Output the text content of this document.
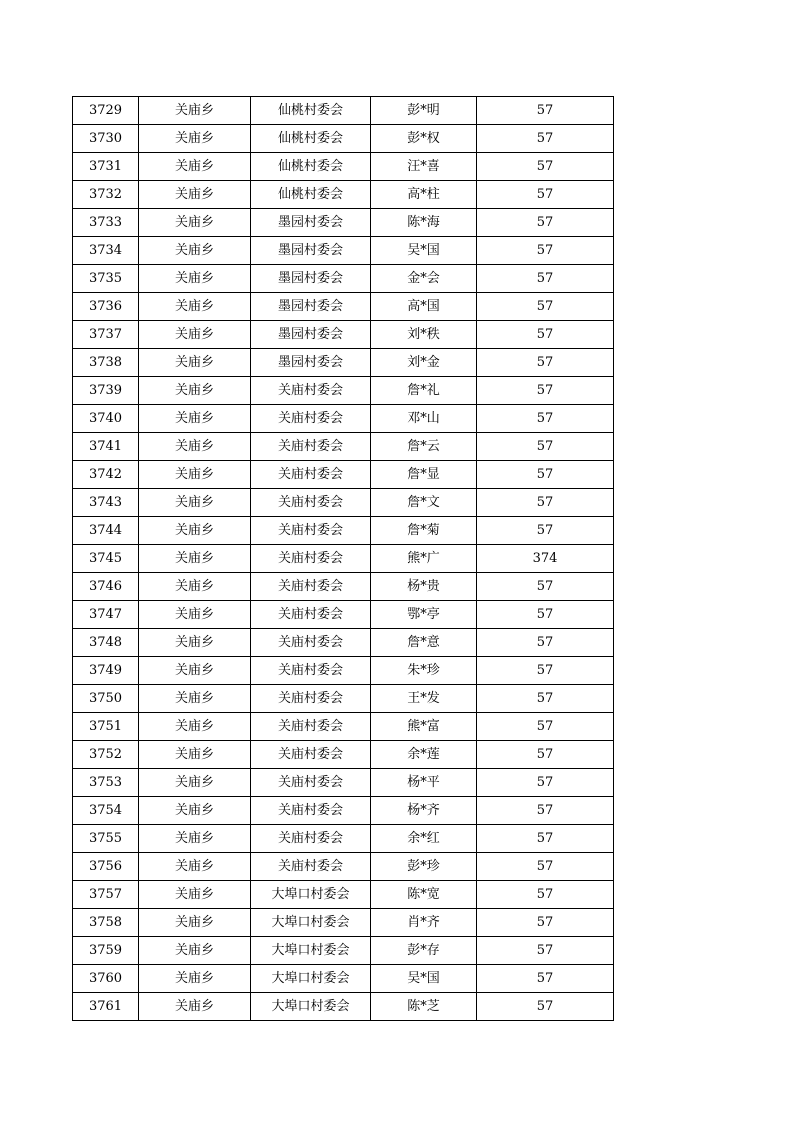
3729	关庙乡	仙桃村委会	彭*明	57
3730	关庙乡	仙桃村委会	彭*权	57
3731	关庙乡	仙桃村委会	汪*喜	57
3732	关庙乡	仙桃村委会	高*柱	57
3733	关庙乡	墨园村委会	陈*海	57
3734	关庙乡	墨园村委会	吴*国	57
3735	关庙乡	墨园村委会	金*会	57
3736	关庙乡	墨园村委会	高*国	57
3737	关庙乡	墨园村委会	刘*秩	57
3738	关庙乡	墨园村委会	刘*金	57
3739	关庙乡	关庙村委会	詹*礼	57
3740	关庙乡	关庙村委会	邓*山	57
3741	关庙乡	关庙村委会	詹*云	57
3742	关庙乡	关庙村委会	詹*显	57
3743	关庙乡	关庙村委会	詹*文	57
3744	关庙乡	关庙村委会	詹*菊	57
3745	关庙乡	关庙村委会	熊*广	374
3746	关庙乡	关庙村委会	杨*贵	57
3747	关庙乡	关庙村委会	鄂*亭	57
3748	关庙乡	关庙村委会	詹*意	57
3749	关庙乡	关庙村委会	朱*珍	57
3750	关庙乡	关庙村委会	王*发	57
3751	关庙乡	关庙村委会	熊*富	57
3752	关庙乡	关庙村委会	余*莲	57
3753	关庙乡	关庙村委会	杨*平	57
3754	关庙乡	关庙村委会	杨*齐	57
3755	关庙乡	关庙村委会	余*红	57
3756	关庙乡	关庙村委会	彭*珍	57
3757	关庙乡	大埠口村委会	陈*宽	57
3758	关庙乡	大埠口村委会	肖*齐	57
3759	关庙乡	大埠口村委会	彭*存	57
3760	关庙乡	大埠口村委会	吴*国	57
3761	关庙乡	大埠口村委会	陈*芝	57
